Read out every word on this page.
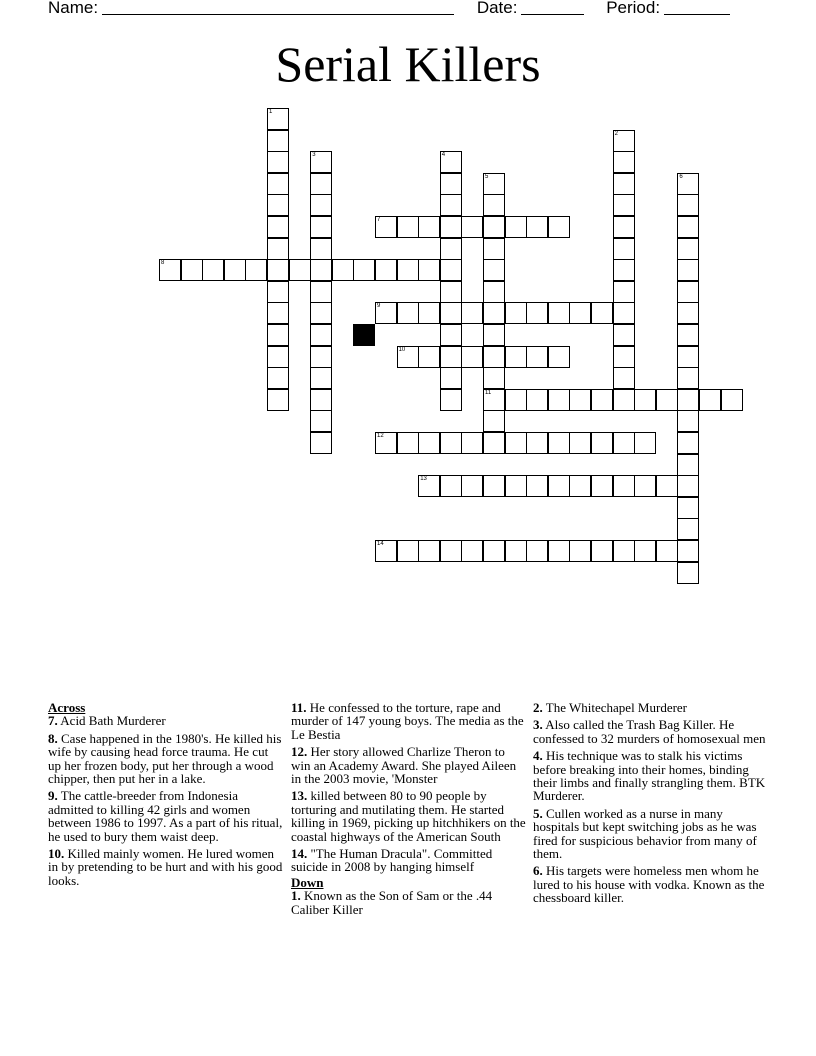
Name:	Date:	Period:
Serial Killers
1
2
3	4
5
11
6
7
8
9
10
12
13
14

Across

7. Acid Bath Murderer

8. Case happened in the 1980's. He killed his wife by causing head force trauma. He cut up her frozen body, put her through a wood chipper, then put her in a lake.

9. The cattle-breeder from Indonesia admitted to killing 42 girls and women between 1986 to 1997. As a part of his ritual, he used to bury them waist deep.

10. Killed mainly women. He lured women in by pretending to be hurt and with his good looks.

11. He confessed to the torture, rape and murder of 147 young boys. The media as the Le Bestia

12. Her story allowed Charlize Theron to win an Academy Award. She played Aileen in the 2003 movie, 'Monster

13. killed between 80 to 90 people by torturing and mutilating them. He started killing in 1969, picking up hitchhikers on the coastal highways of the American South

14. "The Human Dracula". Committed suicide in 2008 by hanging himself

Down

1. Known as the Son of Sam or the .44 Caliber Killer

2. The Whitechapel Murderer

3. Also called the Trash Bag Killer. He confessed to 32 murders of homosexual men

4. His technique was to stalk his victims before breaking into their homes, binding their limbs and finally strangling them. BTK Murderer.

5. Cullen worked as a nurse in many hospitals but kept switching jobs as he was fired for suspicious behavior from many of them.

6. His targets were homeless men whom he lured to his house with vodka. Known as the chessboard killer.
